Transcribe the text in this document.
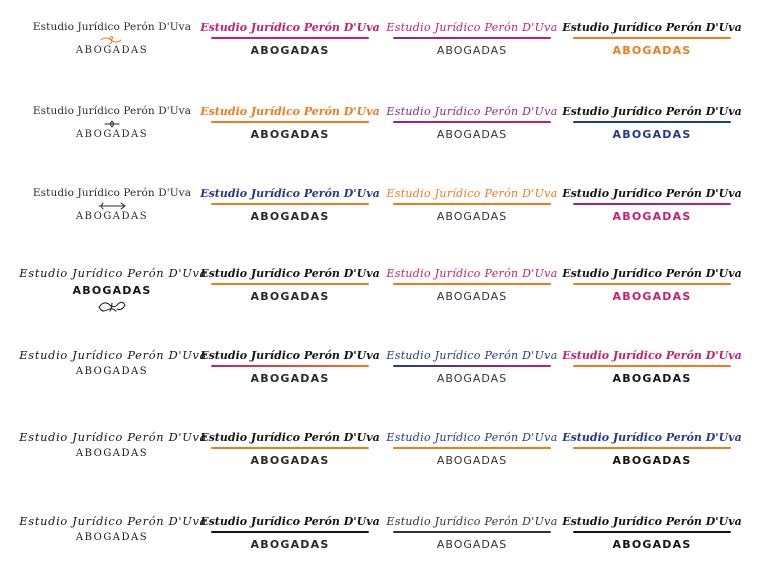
Estudio Jurídico Perón D'Uva
ABOGADAS
Estudio Jurídico Perón D'Uva
ABOGADAS
Estudio Jurídico Perón D'Uva
ABOGADAS
Estudio Jurídico Perón D'Uva
ABOGADAS
Estudio Jurídico Perón D'Uva
ABOGADAS
Estudio Jurídico Perón D'Uva
ABOGADAS
Estudio Jurídico Perón D'Uva
ABOGADAS
Estudio Jurídico Perón D'Uva
ABOGADAS
Estudio Jurídico Perón D'Uva
ABOGADAS
Estudio Jurídico Perón D'Uva
ABOGADAS
Estudio Jurídico Perón D'Uva
ABOGADAS
Estudio Jurídico Perón D'Uva
ABOGADAS
Estudio Jurídico Perón D'Uva
ABOGADAS
Estudio Jurídico Perón D'Uva
ABOGADAS
Estudio Jurídico Perón D'Uva
ABOGADAS
Estudio Jurídico Perón D'Uva
ABOGADAS
Estudio Jurídico Perón D'Uva
ABOGADAS
Estudio Jurídico Perón D'Uva
ABOGADAS
Estudio Jurídico Perón D'Uva
ABOGADAS
Estudio Jurídico Perón D'Uva
ABOGADAS
Estudio Jurídico Perón D'Uva
ABOGADAS
Estudio Jurídico Perón D'Uva
ABOGADAS
Estudio Jurídico Perón D'Uva
ABOGADAS
Estudio Jurídico Perón D'Uva
ABOGADAS
Estudio Jurídico Perón D'Uva
ABOGADAS
Estudio Jurídico Perón D'Uva
ABOGADAS
Estudio Jurídico Perón D'Uva
ABOGADAS
Estudio Jurídico Perón D'Uva
ABOGADAS
